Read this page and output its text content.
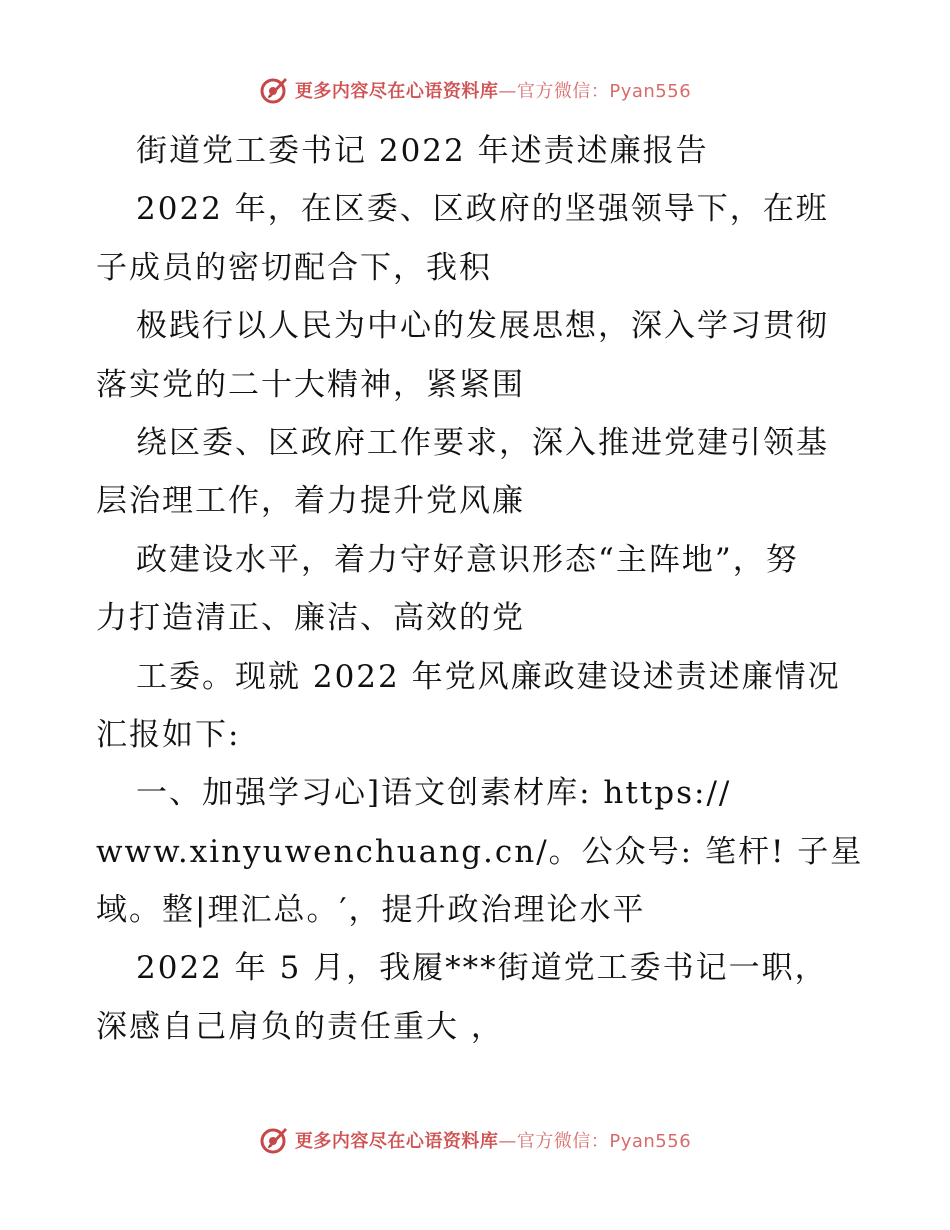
更多内容尽在心语资料库—官方微信：Pyan556
街道党工委书记 2022 年述责述廉报告
2022 年，在区委、区政府的坚强领导下，在班
子成员的密切配合下，我积
极践行以人民为中心的发展思想，深入学习贯彻
落实党的二十大精神，紧紧围
绕区委、区政府工作要求，深入推进党建引领基
层治理工作，着力提升党风廉
政建设水平，着力守好意识形态“主阵地”，努
力打造清正、廉洁、高效的党
工委。现就 2022 年党风廉政建设述责述廉情况
汇报如下:
一、加强学习心]语文创素材库: https://
www.xinyuwenchuang.cn/。公众号: 笔杆! 子星
域。整|理汇总。′，提升政治理论水平
2022 年 5 月，我履***街道党工委书记一职，
深感自己肩负的责任重大 ，
更多内容尽在心语资料库—官方微信：Pyan556
